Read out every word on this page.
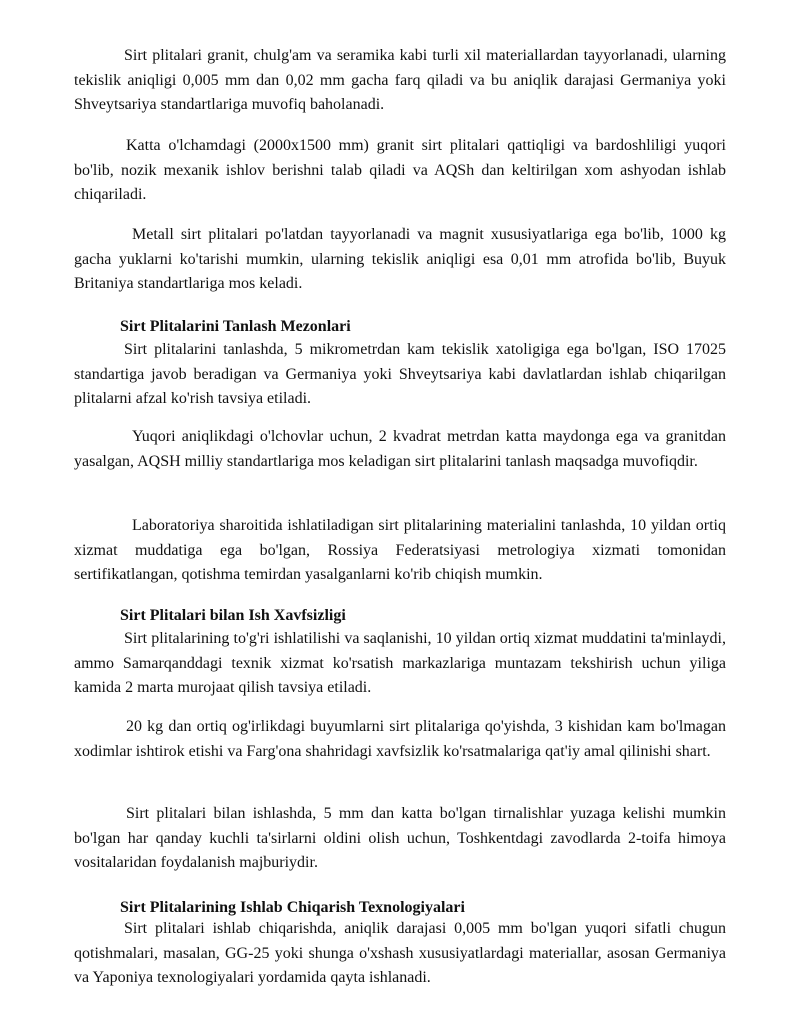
Sirt plitalari granit, chulg'am va seramika kabi turli xil materiallardan tayyorlanadi, ularning tekislik aniqligi 0,005 mm dan 0,02 mm gacha farq qiladi va bu aniqlik darajasi Germaniya yoki Shveytsariya standartlariga muvofiq baholanadi.

Katta o'lchamdagi (2000x1500 mm) granit sirt plitalari qattiqligi va bardoshliligi yuqori bo'lib, nozik mexanik ishlov berishni talab qiladi va AQSh dan keltirilgan xom ashyodan ishlab chiqariladi.

Metall sirt plitalari po'latdan tayyorlanadi va magnit xususiyatlariga ega bo'lib, 1000 kg gacha yuklarni ko'tarishi mumkin, ularning tekislik aniqligi esa 0,01 mm atrofida bo'lib, Buyuk Britaniya standartlariga mos keladi.

Sirt Plitalarini Tanlash Mezonlari

Sirt plitalarini tanlashda, 5 mikrometrdan kam tekislik xatoligiga ega bo'lgan, ISO 17025 standartiga javob beradigan va Germaniya yoki Shveytsariya kabi davlatlardan ishlab chiqarilgan plitalarni afzal ko'rish tavsiya etiladi.

Yuqori aniqlikdagi o'lchovlar uchun, 2 kvadrat metrdan katta maydonga ega va granitdan yasalgan, AQSH milliy standartlariga mos keladigan sirt plitalarini tanlash maqsadga muvofiqdir.

Laboratoriya sharoitida ishlatiladigan sirt plitalarining materialini tanlashda, 10 yildan ortiq xizmat muddatiga ega bo'lgan, Rossiya Federatsiyasi metrologiya xizmati tomonidan sertifikatlangan, qotishma temirdan yasalganlarni ko'rib chiqish mumkin.

Sirt Plitalari bilan Ish Xavfsizligi

Sirt plitalarining to'g'ri ishlatilishi va saqlanishi, 10 yildan ortiq xizmat muddatini ta'minlaydi, ammo Samarqanddagi texnik xizmat ko'rsatish markazlariga muntazam tekshirish uchun yiliga kamida 2 marta murojaat qilish tavsiya etiladi.

20 kg dan ortiq og'irlikdagi buyumlarni sirt plitalariga qo'yishda, 3 kishidan kam bo'lmagan xodimlar ishtirok etishi va Farg'ona shahridagi xavfsizlik ko'rsatmalariga qat'iy amal qilinishi shart.

Sirt plitalari bilan ishlashda, 5 mm dan katta bo'lgan tirnalishlar yuzaga kelishi mumkin bo'lgan har qanday kuchli ta'sirlarni oldini olish uchun, Toshkentdagi zavodlarda 2-toifa himoya vositalaridan foydalanish majburiydir.

Sirt Plitalarining Ishlab Chiqarish Texnologiyalari

Sirt plitalari ishlab chiqarishda, aniqlik darajasi 0,005 mm bo'lgan yuqori sifatli chugun qotishmalari, masalan, GG-25 yoki shunga o'xshash xususiyatlardagi materiallar, asosan Germaniya va Yaponiya texnologiyalari yordamida qayta ishlanadi.
